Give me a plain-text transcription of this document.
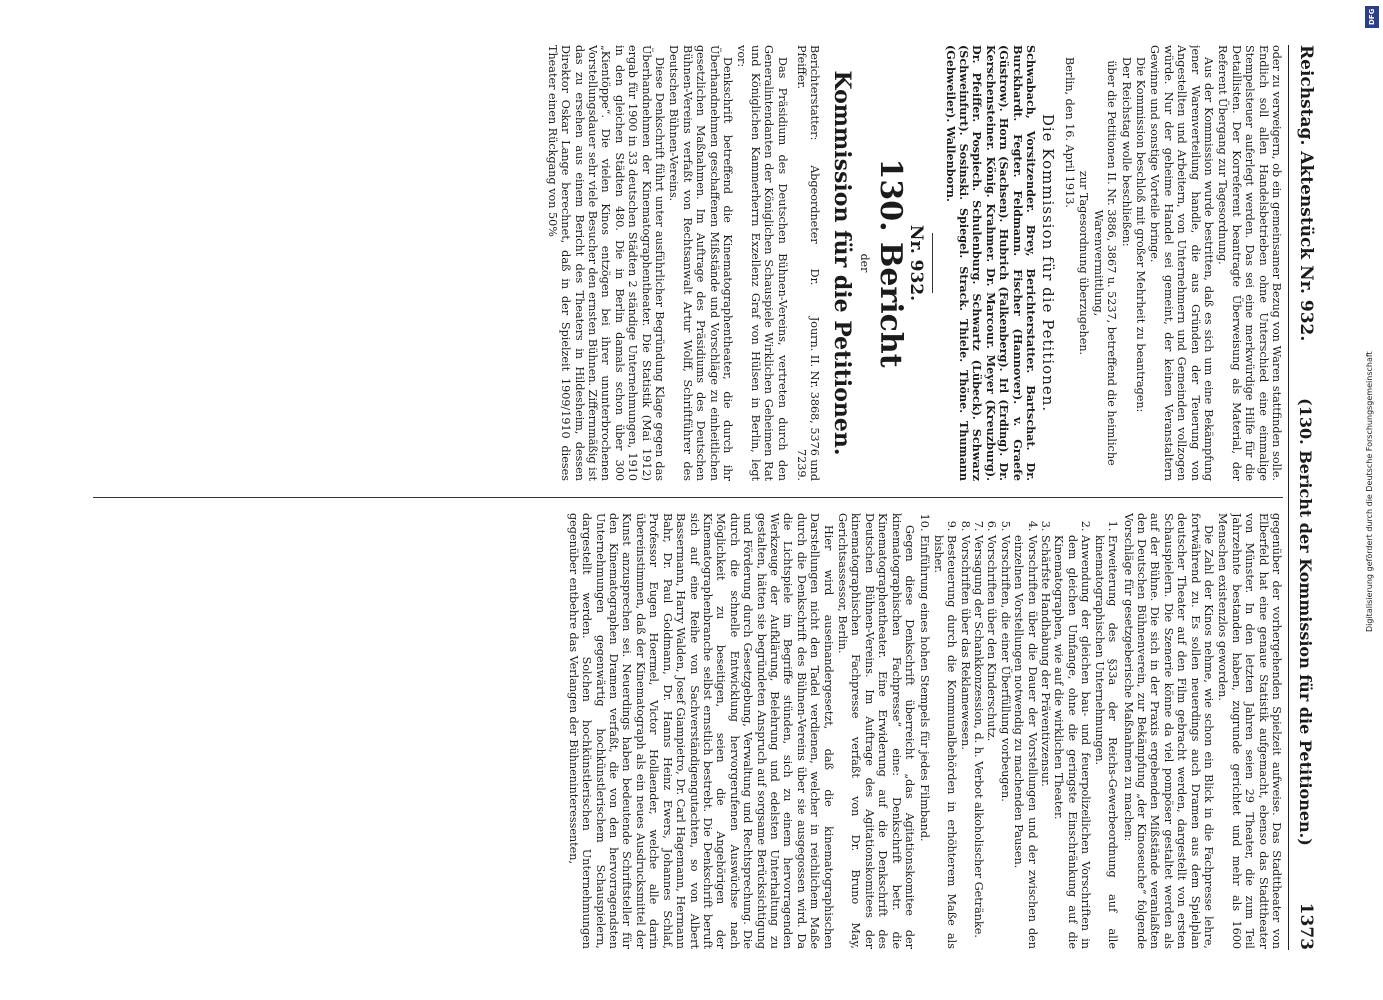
DFG
Digitalisierung gefördert durch die Deutsche Forschungsgemeinschaft
Reichstag. Aktenstück Nr. 932.
(130. Bericht der Kommission für die Petitionen.)
1373

oder zu verweigern, ob ein gemeinsamer Bezug von Waren stattfinden solle. Endlich soll allen Handelsbetrieben ohne Unterschied eine einmalige Stempelsteuer auferlegt werden. Das sei eine merkwürdige Hilfe für die Detaillisten. Der Korreferent beantragte Überweisung als Material, der Referent Übergang zur Tagesordnung.

Aus der Kommission wurde bestritten, daß es sich um eine Bekämpfung jener Warenverteilung handle, die aus Gründen der Teuerung von Angestellten und Arbeitern, von Unternehmern und Gemeinden vollzogen würde. Nur der geheime Handel sei gemeint, der keinen Veranstaltern Gewinne und sonstige Vorteile bringe.

Die Kommission beschloß mit großer Mehrheit zu beantragen:

Der Reichstag wolle beschließen:

über die Petitionen II. Nr. 3886, 3867 u. 5237, betreffend die heimliche Warenvermittlung,

zur Tagesordnung überzugehen.

Berlin, den 16. April 1913.

Die Kommission für die Petitionen.

Schwabach, Vorsitzender. Brey, Berichterstatter. Bartschat. Dr. Burckhardt. Fegter. Feldmann. Fischer (Hannover). v. Graefe (Güstrow). Horn (Sachsen). Hubrich (Falkenberg). Irl (Erding). Dr. Kerschensteiner. König. Krahmer. Dr. Marcour. Meyer (Kreuzburg). Dr. Pfeiffer. Pospiech. Schulenburg. Schwartz (Lübeck). Schwarz (Schweinfurt). Sosinski. Spiegel. Strack. Thiele. Thöne. Thumann (Gebweiler). Wallenborn.

Nr. 932.
130. Bericht
der
Kommission für die Petitionen.
Berichterstatter: Abgeordneter Dr. Pfeiffer.
Journ. II. Nr. 3868, 5376 und 7239.

Das Präsidium des Deutschen Bühnen-Vereins, vertreten durch den Generalintendanten der Königlichen Schauspiele Wirklichen Geheimen Rat und Königlichen Kammerherrn Exzellenz Graf von Hülsen in Berlin, legt vor:

Denkschrift betreffend die Kinematographentheater, die durch ihr Überhandnehmen geschaffenen Mißstände und Vorschläge zu einheitlichen gesetzlichen Maßnahmen. Im Auftrage des Präsidiums des Deutschen Bühnen-Vereins verfaßt von Rechtsanwalt Artur Wolff, Schriftführer des Deutschen Bühnen-Vereins.

Diese Denkschrift führt unter ausführlicher Begründung Klage gegen das Überhandnehmen der Kinematographentheater. Die Statistik (Mai 1912) ergab für 1900 in 33 deutschen Städten 2 ständige Unternehmungen, 1910 in den gleichen Städten 480. Die in Berlin damals schon über 300 „Kientöppe“. Die vielen Kinos entzögen bei ihrer ununterbrochenen Vorstellungsdauer sehr viele Besucher den ernsten Bühnen. Ziffernmäßig ist das zu ersehen aus einem Bericht des Theaters in Hildesheim, dessen Direktor Oskar Lange berechnet, daß in der Spielzeit 1909/1910 dieses Theater einen Rückgang von 50%

gegenüber der vorhergehenden Spielzeit aufweise. Das Stadttheater von Elberfeld hat eine genaue Statistik aufgemacht, ebenso das Stadttheater von Münster. In den letzten Jahren seien 29 Theater, die zum Teil Jahrzehnte bestanden haben, zugrunde gerichtet und mehr als 1600 Menschen existenzlos geworden.

Die Zahl der Kinos nehme, wie schon ein Blick in die Fachpresse lehre, fortwährend zu. Es sollen neuerdings auch Dramen aus dem Spielplan deutscher Theater auf den Film gebracht werden, dargestellt von ersten Schauspielern. Die Szenerie könne da viel pompöser gestaltet werden als auf der Bühne. Die sich in der Praxis ergebenden Mißstände veranlaßten den Deutschen Bühnenverein, zur Bekämpfung „der Kinoseuche“ folgende Vorschläge für gesetzgeberische Maßnahmen zu machen:

1. Erweiterung des §33a der Reichs-Gewerbeordnung auf alle kinematographischen Unternehmungen.
2. Anwendung der gleichen bau- und feuerpolizeilichen Vorschriften in dem gleichen Umfange, ohne die geringste Einschränkung auf die Kinematographen, wie auf die wirklichen Theater.
3. Schärfste Handhabung der Präventivzensur.
4. Vorschriften über die Dauer der Vorstellungen und der zwischen den einzelnen Vorstellungen notwendig zu machenden Pausen.
5. Vorschriften, die einer Überfüllung vorbeugen.
6. Vorschriften über den Kinderschutz.
7. Versagung der Schankkonzession, d. h. Verbot alkoholischer Getränke.
8. Vorschriften über das Reklamewesen.
9. Besteuerung durch die Kommunalbehörden in erhöhterem Maße als bisher.
10. Einführung eines hohen Stempels für jedes Filmband.

Gegen diese Denkschrift überreicht „das Agitationskomitee der kinematographischen Fachpresse“ eine: Denkschrift betr. die Kinematographentheater. Eine Erwiderung auf die Denkschrift des Deutschen Bühnen-Vereins. Im Auftrage des Agitationskomitees der kinematographischen Fachpresse verfaßt von Dr. Bruno May, Gerichtsassessor, Berlin.

Hier wird auseinandergesetzt, daß die kinematographischen Darstellungen nicht den Tadel verdienen, welcher in reichlichem Maße durch die Denkschrift des Bühnen-Vereins über sie ausgegossen wird. Da die Lichtspiele im Begriffe stünden, sich zu einem hervorragenden Werkzeuge der Aufklärung, Belehrung und edelsten Unterhaltung zu gestalten, hätten sie begründeten Anspruch auf sorgsame Berücksichtigung und Förderung durch Gesetzgebung, Verwaltung und Rechtsprechung. Die durch die schnelle Entwicklung hervorgerufenen Auswüchse nach Möglichkeit zu beseitigen, seien die Angehörigen der Kinematographenbranche selbst ernstlich bestrebt. Die Denkschrift beruft sich auf eine Reihe von Sachverständigengutachten, so von Albert Bassermann, Harry Walden, Josef Giampietro, Dr. Carl Hagemann, Hermann Bahr, Dr. Paul Goldmann, Dr. Hanns Heinz Ewers, Johannes Schlaf, Professor Eugen Hoermel, Victor Hollaender, welche alle darin übereinstimmen, daß der Kinematograph als ein neues Ausdrucksmittel der Kunst anzusprechen sei. Neuerdings haben bedeutende Schriftsteller für den Kinematographen Dramen verfaßt, die von den hervorragendsten Unternehmungen gegenwärtig hochkünstlerischem Schauspielern, dargestellt werden. Solchen hochkünstlerischen Unternehmungen gegenüber entbehre das Verlangen der Bühneninteressenten,
